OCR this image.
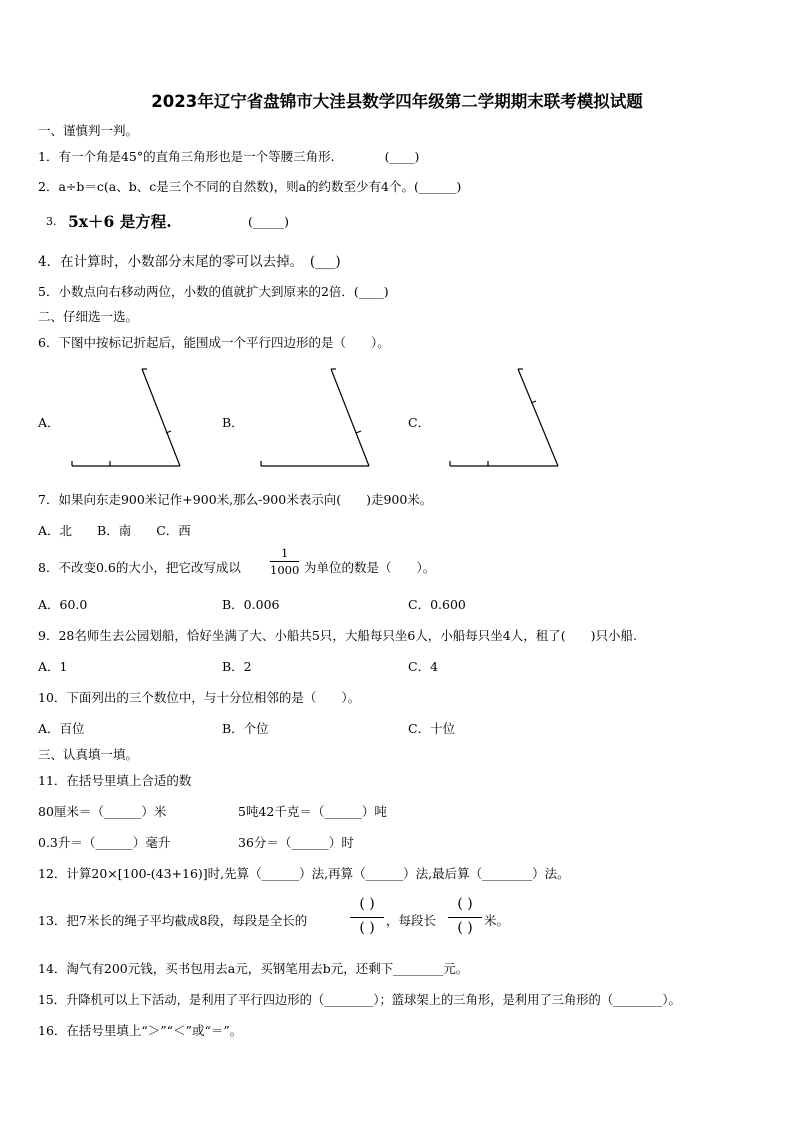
2023年辽宁省盘锦市大洼县数学四年级第二学期期末联考模拟试题
一、谨慎判一判。
1．有一个角是45°的直角三角形也是一个等腰三角形.　　　　(____)
2．a÷b＝c(a、b、c是三个不同的自然数)，则a的约数至少有4个。(______)
3. 5x＋6 是方程.	(_____)
4．在计算时，小数部分末尾的零可以去掉。　(___)
5．小数点向右移动两位，小数的值就扩大到原来的2倍．(____)
二、仔细选一选。
6．下图中按标记折起后，能围成一个平行四边形的是（　　）。
A．	B．	C．
7．如果向东走900米记作+900米,那么-900米表示向(　　)走900米。
A．北　　B．南　　C．西
8．不改变0.6的大小，把它改写成以
1
1000 为单位的数是（　　）。
A．60.0	B．0.006	C．0.600
9．28名师生去公园划船，恰好坐满了大、小船共5只，大船每只坐6人，小船每只坐4人，租了(　　)只小船.
A．1	B．2	C．4
10．下面列出的三个数位中，与十分位相邻的是（　　）。
A．百位	B．个位	C．十位
三、认真填一填。
11．在括号里填上合适的数
80厘米＝（______）米	5吨42千克＝（______）吨
0.3升＝（______）毫升	36分＝（______）时
12．计算20×[100-(43+16)]时,先算（______）法,再算（______）法,最后算（________）法。
13．把7米长的绳子平均截成8段，每段是全长的
( )
( ) ，每段长
( )
( ) 米。
14．淘气有200元钱，买书包用去a元，买钢笔用去b元，还剩下________元。
15．升降机可以上下活动，是利用了平行四边形的（________）；篮球架上的三角形，是利用了三角形的（________）。
16．在括号里填上“＞”“＜”或“＝”。
